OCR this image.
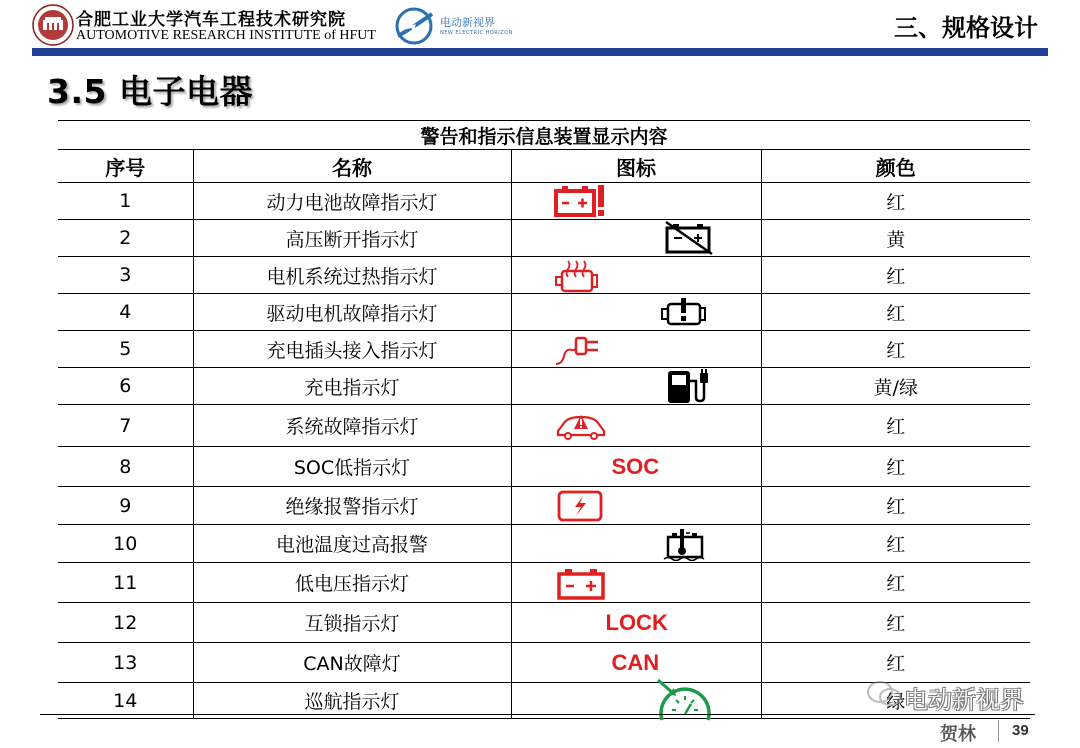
合肥工业大学汽车工程技术研究院
AUTOMOTIVE RESEARCH INSTITUTE of HFUT
电动新视界
NEW ELECTRIC HORIZON	三、规格设计
3.5 电子电器
警告和指示信息装置显示内容			
序号	名称	图标	颜色
1	动力电池故障指示灯		红
2	高压断开指示灯		黄
3	电机系统过热指示灯		红
4	驱动电机故障指示灯		红
5	充电插头接入指示灯		红
6	充电指示灯		黄/绿
7	系统故障指示灯		红
8	SOC低指示灯	SOC	红
9	绝缘报警指示灯		红
10	电池温度过高报警		红
11	低电压指示灯		红
12	互锁指示灯	LOCK	红
13	CAN故障灯	CAN	红
14	巡航指示灯		绿
贺林 39
电动新视界
